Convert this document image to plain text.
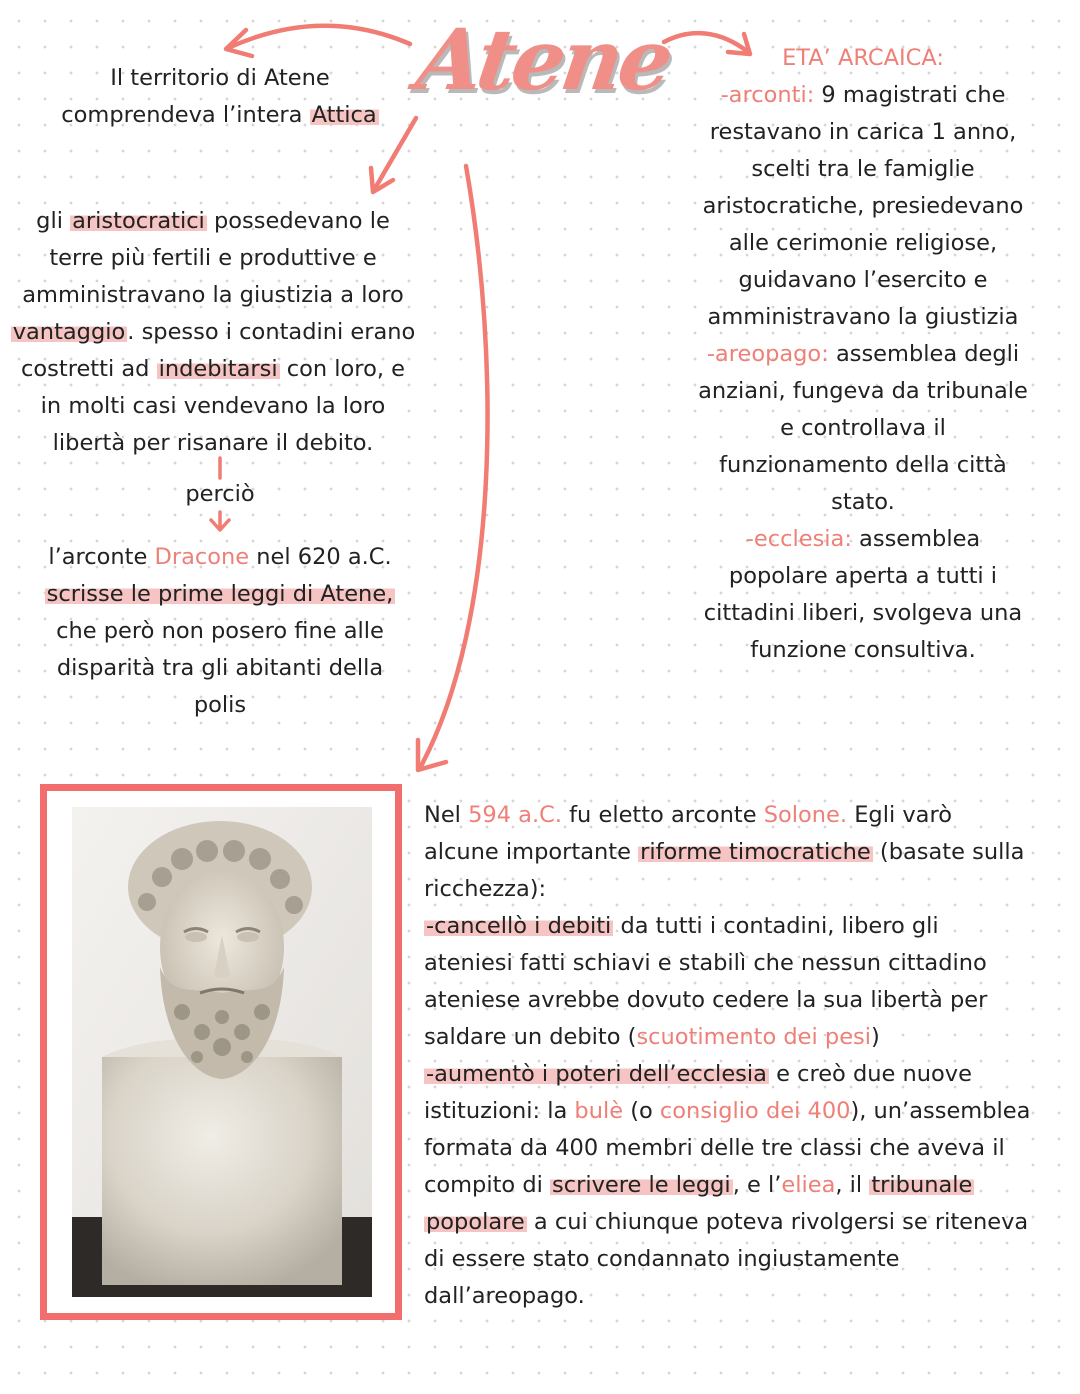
Atene
Il territorio di Atene
comprendeva l’intera Attica
gli aristocratici possedevano le
terre più fertili e produttive e
amministravano la giustizia a loro
vantaggio. spesso i contadini erano
costretti ad indebitarsi con loro, e
in molti casi vendevano la loro
libertà per risanare il debito.
perciò
l’arconte Dracone nel 620 a.C.
scrisse le prime leggi di Atene,
che però non posero fine alle
disparità tra gli abitanti della
polis
ETA’ ARCAICA:
-arconti: 9 magistrati che
restavano in carica 1 anno,
scelti tra le famiglie
aristocratiche, presiedevano
alle cerimonie religiose,
guidavano l’esercito e
amministravano la giustizia
-areopago: assemblea degli
anziani, fungeva da tribunale
e controllava il
funzionamento della città
stato.
-ecclesia: assemblea
popolare aperta a tutti i
cittadini liberi, svolgeva una
funzione consultiva.
Nel 594 a.C. fu eletto arconte Solone. Egli varò
alcune importante riforme timocratiche (basate sulla
ricchezza):
-cancellò i debiti da tutti i contadini, libero gli
ateniesi fatti schiavi e stabilì che nessun cittadino
ateniese avrebbe dovuto cedere la sua libertà per
saldare un debito (scuotimento dei pesi)
-aumentò i poteri dell’ecclesia e creò due nuove
istituzioni: la bulè (o consiglio dei 400), un’assemblea
formata da 400 membri delle tre classi che aveva il
compito di scrivere le leggi, e l’eliea, il tribunale
popolare a cui chiunque poteva rivolgersi se riteneva
di essere stato condannato ingiustamente
dall’areopago.
